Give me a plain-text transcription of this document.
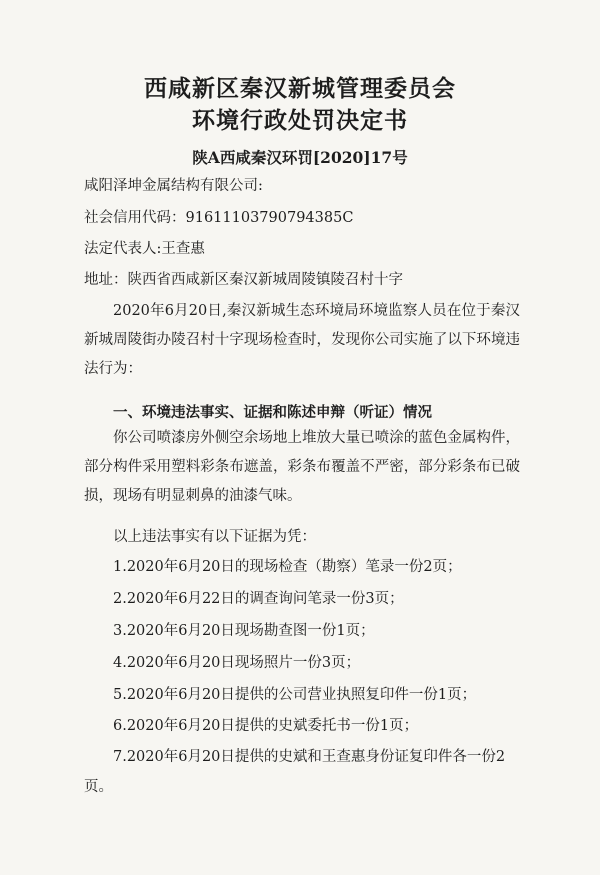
西咸新区秦汉新城管理委员会
环境行政处罚决定书
陕A西咸秦汉环罚[2020]17号
咸阳泽坤金属结构有限公司:
社会信用代码：91611103790794385C
法定代表人:王查惠
地址：陕西省西咸新区秦汉新城周陵镇陵召村十字

2020年6月20日,秦汉新城生态环境局环境监察人员在位于秦汉新城周陵街办陵召村十字现场检查时，发现你公司实施了以下环境违法行为：

一、环境违法事实、证据和陈述申辩（听证）情况

你公司喷漆房外侧空余场地上堆放大量已喷涂的蓝色金属构件，部分构件采用塑料彩条布遮盖，彩条布覆盖不严密，部分彩条布已破损，现场有明显刺鼻的油漆气味。

以上违法事实有以下证据为凭：
1.2020年6月20日的现场检查（勘察）笔录一份2页；
2.2020年6月22日的调查询问笔录一份3页；
3.2020年6月20日现场勘查图一份1页；
4.2020年6月20日现场照片一份3页；
5.2020年6月20日提供的公司营业执照复印件一份1页；
6.2020年6月20日提供的史斌委托书一份1页；

7.2020年6月20日提供的史斌和王查惠身份证复印件各一份2页。
